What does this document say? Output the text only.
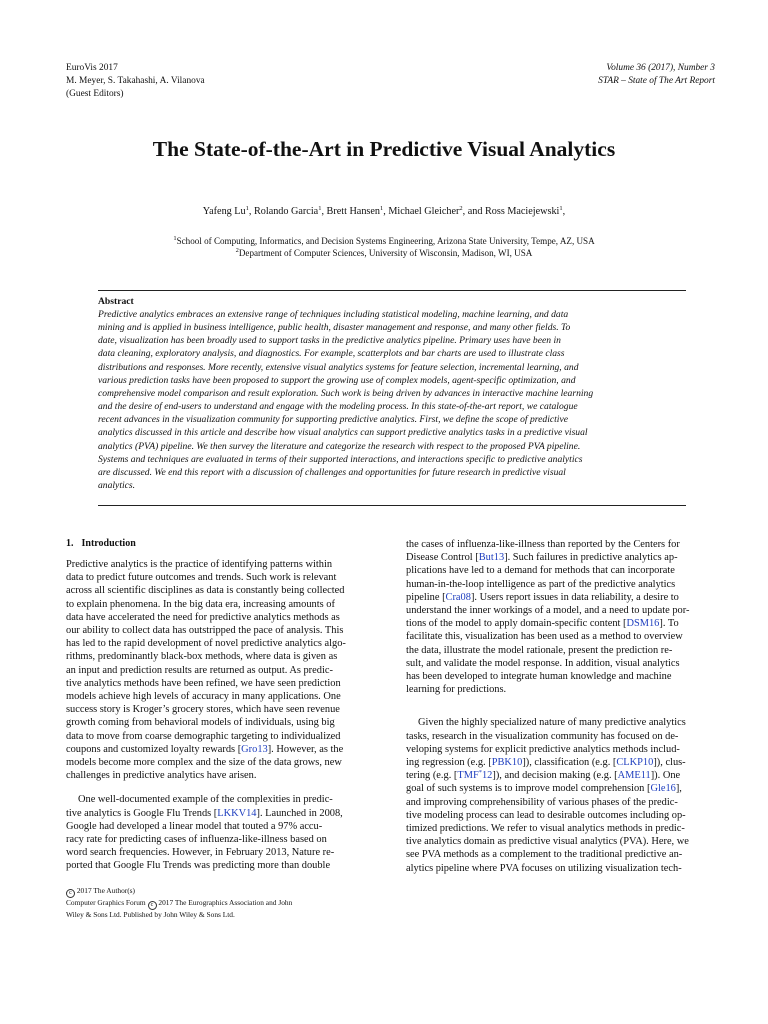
EuroVis 2017
M. Meyer, S. Takahashi, A. Vilanova
(Guest Editors)
Volume 36 (2017), Number 3
STAR – State of The Art Report
The State-of-the-Art in Predictive Visual Analytics
Yafeng Lu$^1$, Rolando Garcia$^1$, Brett Hansen$^1$, Michael Gleicher$^2$, and Ross Maciejewski$^1$,
$^1$School of Computing, Informatics, and Decision Systems Engineering, Arizona State University, Tempe, AZ, USA
$^2$Department of Computer Sciences, University of Wisconsin, Madison, WI, USA
Abstract
Predictive analytics embraces an extensive range of techniques including statistical modeling, machine learning, and data
mining and is applied in business intelligence, public health, disaster management and response, and many other fields. To
date, visualization has been broadly used to support tasks in the predictive analytics pipeline. Primary uses have been in
data cleaning, exploratory analysis, and diagnostics. For example, scatterplots and bar charts are used to illustrate class
distributions and responses. More recently, extensive visual analytics systems for feature selection, incremental learning, and
various prediction tasks have been proposed to support the growing use of complex models, agent-specific optimization, and
comprehensive model comparison and result exploration. Such work is being driven by advances in interactive machine learning
and the desire of end-users to understand and engage with the modeling process. In this state-of-the-art report, we catalogue
recent advances in the visualization community for supporting predictive analytics. First, we define the scope of predictive
analytics discussed in this article and describe how visual analytics can support predictive analytics tasks in a predictive visual
analytics (PVA) pipeline. We then survey the literature and categorize the research with respect to the proposed PVA pipeline.
Systems and techniques are evaluated in terms of their supported interactions, and interactions specific to predictive analytics
are discussed. We end this report with a discussion of challenges and opportunities for future research in predictive visual
analytics.
1. Introduction
Predictive analytics is the practice of identifying patterns within
data to predict future outcomes and trends. Such work is relevant
across all scientific disciplines as data is constantly being collected
to explain phenomena. In the big data era, increasing amounts of
data have accelerated the need for predictive analytics methods as
our ability to collect data has outstripped the pace of analysis. This
has led to the rapid development of novel predictive analytics algo-
rithms, predominantly black-box methods, where data is given as
an input and prediction results are returned as output. As predic-
tive analytics methods have been refined, we have seen prediction
models achieve high levels of accuracy in many applications. One
success story is Kroger’s grocery stores, which have seen revenue
growth coming from behavioral models of individuals, using big
data to move from coarse demographic targeting to individualized
coupons and customized loyalty rewards [Gro13]. However, as the
models become more complex and the size of the data grows, new
challenges in predictive analytics have arisen.
One well-documented example of the complexities in predic-
tive analytics is Google Flu Trends [LKKV14]. Launched in 2008,
Google had developed a linear model that touted a 97% accu-
racy rate for predicting cases of influenza-like-illness based on
word search frequencies. However, in February 2013, Nature re-
ported that Google Flu Trends was predicting more than double
the cases of influenza-like-illness than reported by the Centers for
Disease Control [But13]. Such failures in predictive analytics ap-
plications have led to a demand for methods that can incorporate
human-in-the-loop intelligence as part of the predictive analytics
pipeline [Cra08]. Users report issues in data reliability, a desire to
understand the inner workings of a model, and a need to update por-
tions of the model to apply domain-specific content [DSM16]. To
facilitate this, visualization has been used as a method to overview
the data, illustrate the model rationale, present the prediction re-
sult, and validate the model response. In addition, visual analytics
has been developed to integrate human knowledge and machine
learning for predictions.
Given the highly specialized nature of many predictive analytics
tasks, research in the visualization community has focused on de-
veloping systems for explicit predictive analytics methods includ-
ing regression (e.g. [PBK10]), classification (e.g. [CLKP10]), clus-
tering (e.g. [TMF*12]), and decision making (e.g. [AME11]). One
goal of such systems is to improve model comprehension [Gle16],
and improving comprehensibility of various phases of the predic-
tive modeling process can lead to desirable outcomes including op-
timized predictions. We refer to visual analytics methods in predic-
tive analytics domain as predictive visual analytics (PVA). Here, we
see PVA methods as a complement to the traditional predictive an-
alytics pipeline where PVA focuses on utilizing visualization tech-
c 2017 The Author(s)
Computer Graphics Forum c 2017 The Eurographics Association and John
Wiley & Sons Ltd. Published by John Wiley & Sons Ltd.
